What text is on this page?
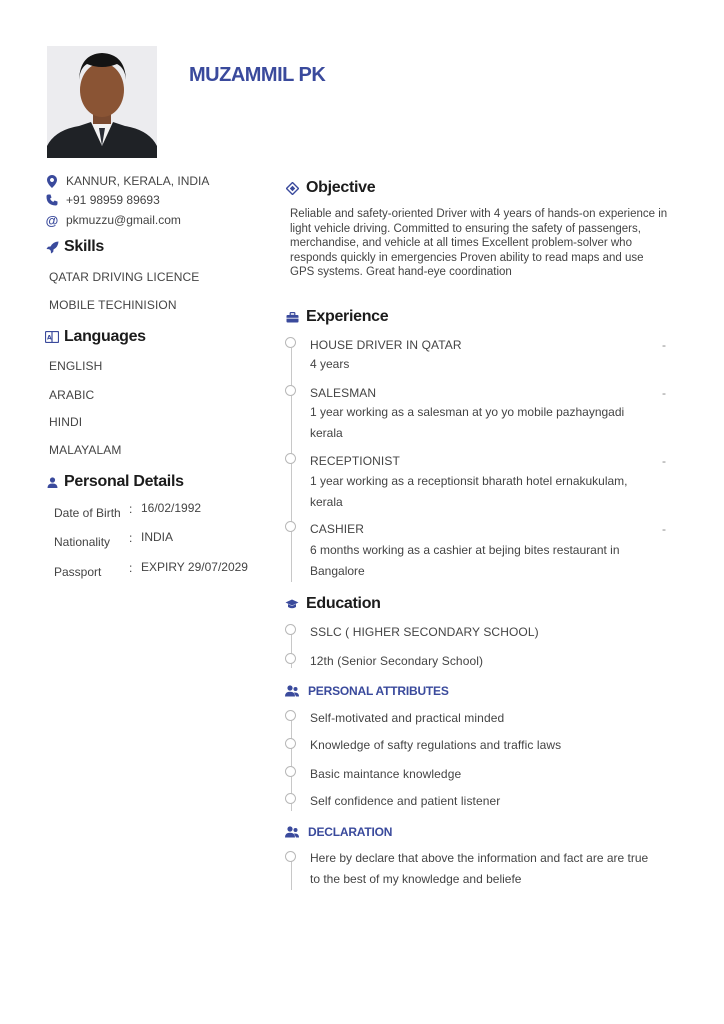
MUZAMMIL PK
KANNUR, KERALA, INDIA
+91 98959 89693
@ pkmuzzu@gmail.com
Skills
QATAR DRIVING LICENCE
MOBILE TECHINISION
A Languages
ENGLISH
ARABIC
HINDI
MALAYALAM
Personal Details
Date of Birth : 16/02/1992
Nationality : INDIA
Passport : EXPIRY 29/07/2029
Objective
Reliable and safety-oriented Driver with 4 years of hands-on experience in light vehicle driving. Committed to ensuring the safety of passengers, merchandise, and vehicle at all times Excellent problem-solver who responds quickly in emergencies Proven ability to read maps and use GPS systems. Great hand-eye coordination
Experience
HOUSE DRIVER IN QATAR	-
4 years
SALESMAN	-
1 year working as a salesman at yo yo mobile pazhayngadi kerala
RECEPTIONIST	-
1 year working as a receptionsit bharath hotel ernakukulam, kerala
CASHIER	-
6 months working as a cashier at bejing bites restaurant in Bangalore
Education
SSLC ( HIGHER SECONDARY SCHOOL)
12th (Senior Secondary School)
PERSONAL ATTRIBUTES
Self-motivated and practical minded
Knowledge of safty regulations and traffic laws
Basic maintance knowledge
Self confidence and patient listener
DECLARATION
Here by declare that above the information and fact are are true to the best of my knowledge and beliefe
